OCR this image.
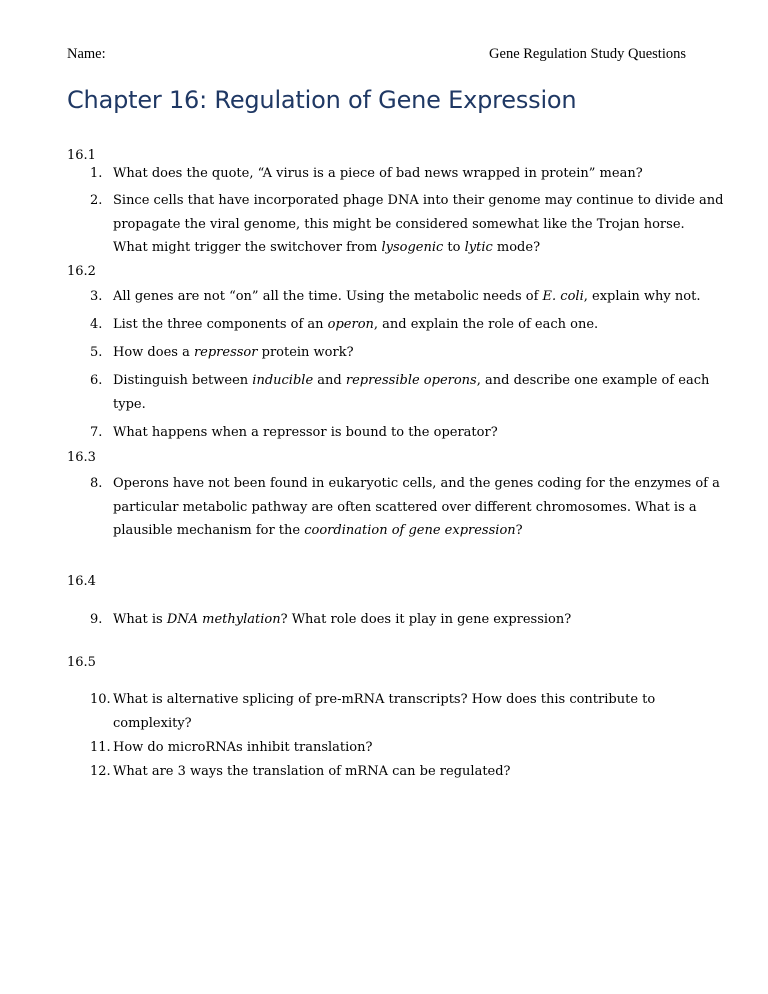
Name:	Gene Regulation Study Questions
Chapter 16: Regulation of Gene Expression
16.1
1. What does the quote, “A virus is a piece of bad news wrapped in protein” mean?
2. Since cells that have incorporated phage DNA into their genome may continue to divide and
propagate the viral genome, this might be considered somewhat like the Trojan horse.
What might trigger the switchover from lysogenic to lytic mode?
16.2
3. All genes are not “on” all the time. Using the metabolic needs of E. coli, explain why not.
4. List the three components of an operon, and explain the role of each one.
5. How does a repressor protein work?
6. Distinguish between inducible and repressible operons, and describe one example of each
type.
7. What happens when a repressor is bound to the operator?
16.3
8. Operons have not been found in eukaryotic cells, and the genes coding for the enzymes of a
particular metabolic pathway are often scattered over different chromosomes. What is a
plausible mechanism for the coordination of gene expression?
16.4
9. What is DNA methylation? What role does it play in gene expression?
16.5
10. What is alternative splicing of pre-mRNA transcripts? How does this contribute to
complexity?
11. How do microRNAs inhibit translation?
12. What are 3 ways the translation of mRNA can be regulated?
